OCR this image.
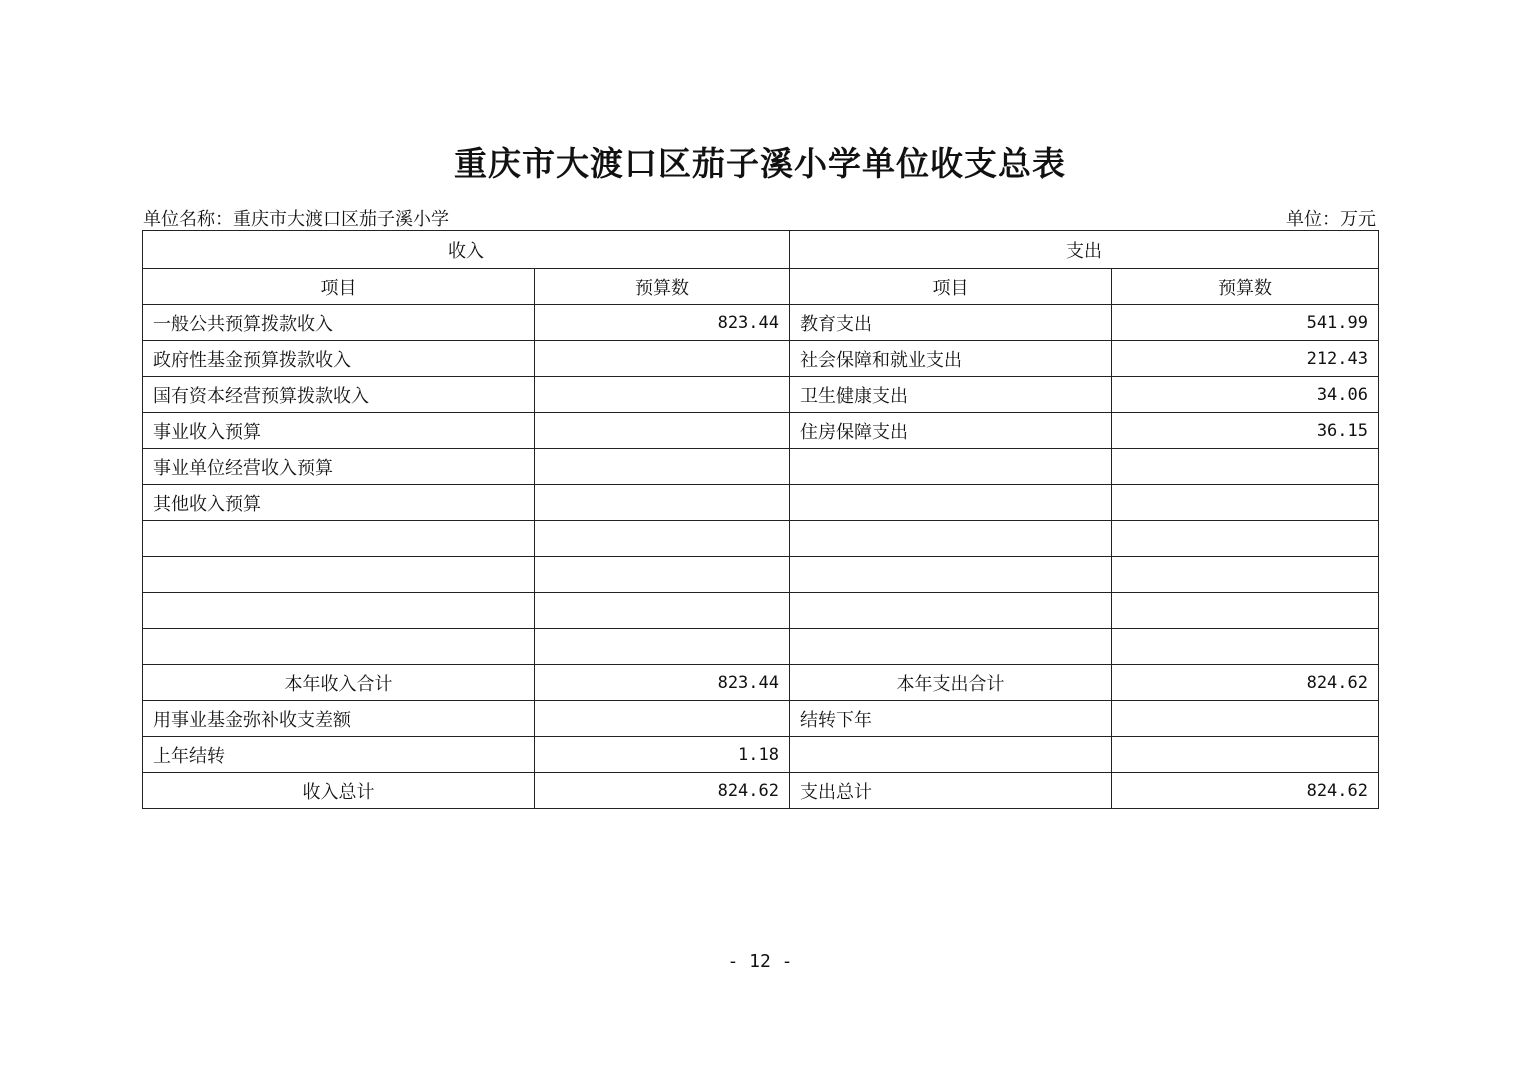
重庆市大渡口区茄子溪小学单位收支总表
单位名称：重庆市大渡口区茄子溪小学	单位：万元
收入		支出	
项目	预算数	项目	预算数
一般公共预算拨款收入	823.44	教育支出	541.99
政府性基金预算拨款收入		社会保障和就业支出	212.43
国有资本经营预算拨款收入		卫生健康支出	34.06
事业收入预算		住房保障支出	36.15
事业单位经营收入预算			
其他收入预算			

本年收入合计	823.44	本年支出合计	824.62
用事业基金弥补收支差额		结转下年	
上年结转	1.18		
收入总计	824.62	支出总计	824.62
- 12 -
